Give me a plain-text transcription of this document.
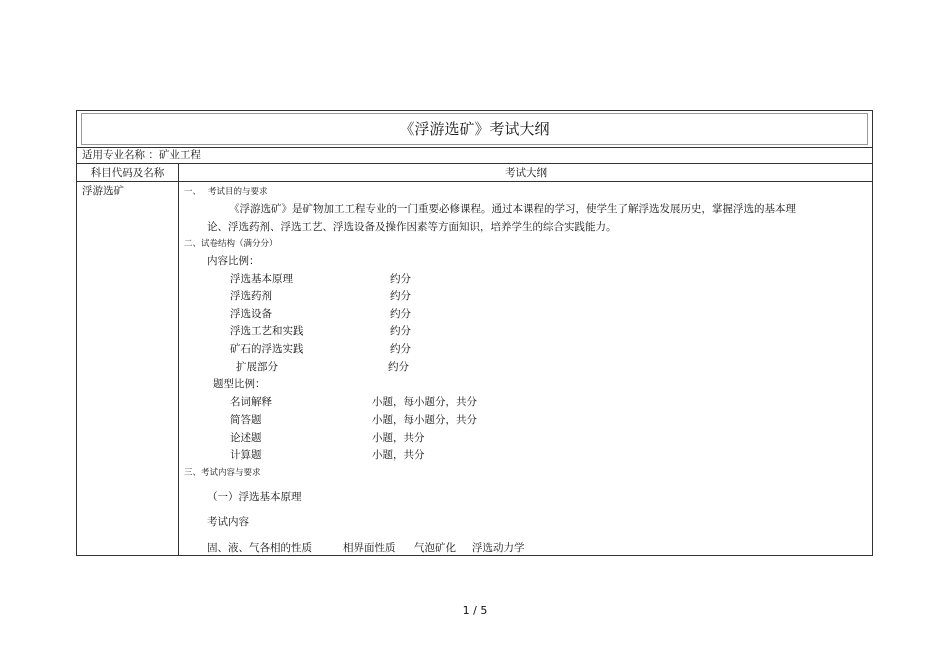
《浮游选矿》考试大纲
适用专业名称 ：矿业工程
科目代码及名称	考试大纲
浮游选矿	一、 考试目的与要求
《浮游选矿》是矿物加工工程专业的一门重要必修课程。通过本课程的学习，使学生了解浮选发展历史，掌握浮选的基本理
论、浮选药剂、浮选工艺、浮选设备及操作因素等方面知识，培养学生的综合实践能力。
二、试卷结构（满分分）
内容比例：
浮选基本原理	约分
浮选药剂	约分
浮选设备	约分
浮选工艺和实践	约分
矿石的浮选实践	约分
扩展部分	约分
题型比例：
名词解释	小题，每小题分，共分
简答题	小题，每小题分，共分
论述题	小题，共分
计算题	小题，共分
三、考试内容与要求
（一）浮选基本原理
考试内容
固、液、气各相的性质	相界面性质 气泡矿化 浮选动力学
1 / 5
